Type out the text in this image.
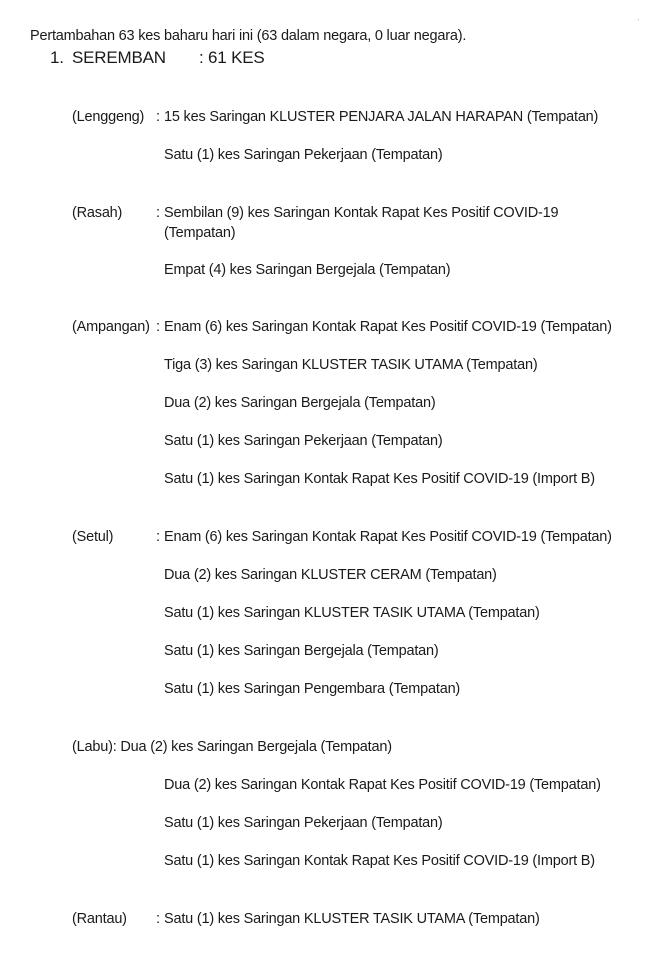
ʿ
Pertambahan 63 kes baharu hari ini (63 dalam negara, 0 luar negara).
1. SEREMBAN : 61 KES
(Lenggeng) : 15 kes Saringan KLUSTER PENJARA JALAN HARAPAN (Tempatan)
Satu (1) kes Saringan Pekerjaan (Tempatan)
(Rasah) : Sembilan (9) kes Saringan Kontak Rapat Kes Positif COVID-19 (Tempatan)
Empat (4) kes Saringan Bergejala (Tempatan)
(Ampangan) : Enam (6) kes Saringan Kontak Rapat Kes Positif COVID-19 (Tempatan)
Tiga (3) kes Saringan KLUSTER TASIK UTAMA (Tempatan)
Dua (2) kes Saringan Bergejala (Tempatan)
Satu (1) kes Saringan Pekerjaan (Tempatan)
Satu (1) kes Saringan Kontak Rapat Kes Positif COVID-19 (Import B)
(Setul)	: Enam (6) kes Saringan Kontak Rapat Kes Positif COVID-19 (Tempatan)
Dua (2) kes Saringan KLUSTER CERAM (Tempatan)
Satu (1) kes Saringan KLUSTER TASIK UTAMA (Tempatan)
Satu (1) kes Saringan Bergejala (Tempatan)
Satu (1) kes Saringan Pengembara (Tempatan)
(Labu): Dua (2) kes Saringan Bergejala (Tempatan)
Dua (2) kes Saringan Kontak Rapat Kes Positif COVID-19 (Tempatan)
Satu (1) kes Saringan Pekerjaan (Tempatan)
Satu (1) kes Saringan Kontak Rapat Kes Positif COVID-19 (Import B)
(Rantau) : Satu (1) kes Saringan KLUSTER TASIK UTAMA (Tempatan)
